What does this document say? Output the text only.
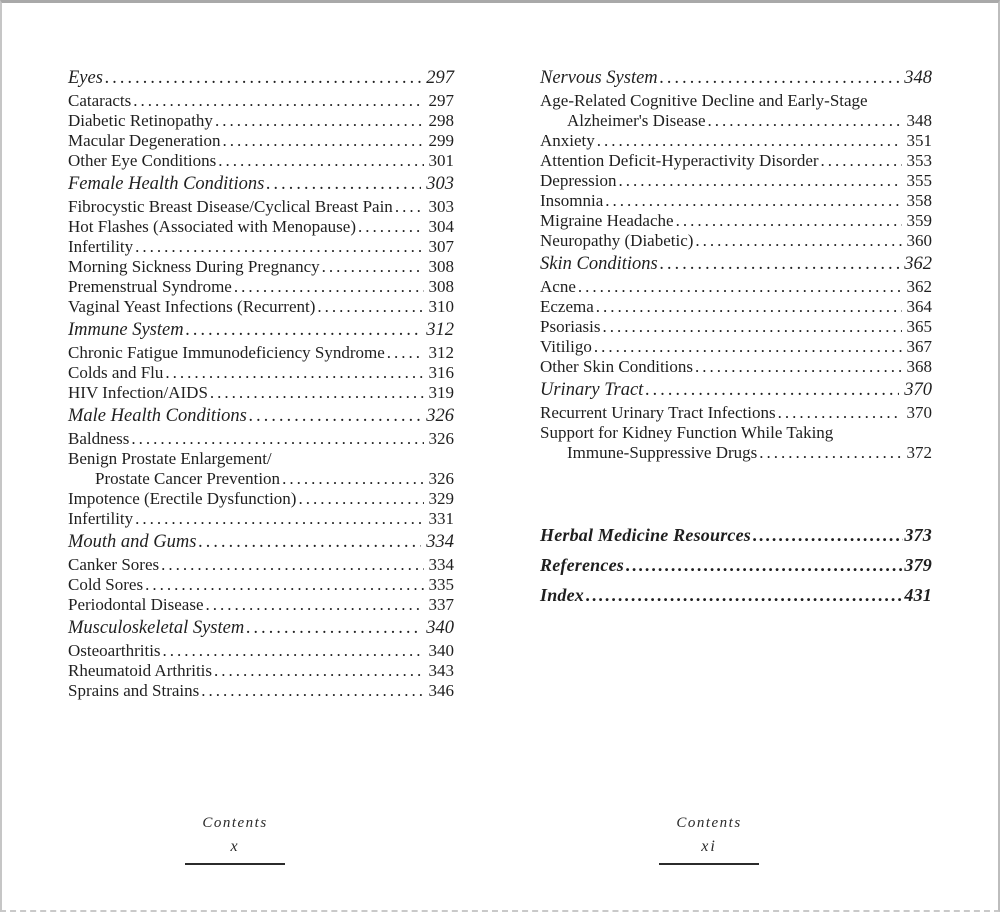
Eyes .....	297
Cataracts .....	297
Diabetic Retinopathy .....	298
Macular Degeneration .....	299
Other Eye Conditions .....	301
Female Health Conditions .....	303
Fibrocystic Breast Disease/Cyclical Breast Pain ..... 303
Hot Flashes (Associated with Menopause) .....	304
Infertility .....	307
Morning Sickness During Pregnancy .....	308
Premenstrual Syndrome .....	308
Vaginal Yeast Infections (Recurrent) .....	310
Immune System .....	312
Chronic Fatigue Immunodeficiency Syndrome .....	312
Colds and Flu .....	316
HIV Infection/AIDS .....	319
Male Health Conditions .....	326
Baldness .....	326
Benign Prostate Enlargement/
Prostate Cancer Prevention .....	326
Impotence (Erectile Dysfunction) .....	329
Infertility .....	331
Mouth and Gums .....	334
Canker Sores .....	334
Cold Sores .....	335
Periodontal Disease .....	337
Musculoskeletal System .....	340
Osteoarthritis .....	340
Rheumatoid Arthritis .....	343
Sprains and Strains .....	346
Nervous System .....	348
Age-Related Cognitive Decline and Early-Stage
Alzheimer's Disease .....	348
Anxiety .....	351
Attention Deficit-Hyperactivity Disorder .....	353
Depression .....	355
Insomnia .....	358
Migraine Headache .....	359
Neuropathy (Diabetic) .....	360
Skin Conditions .....	362
Acne .....	362
Eczema .....	364
Psoriasis .....	365
Vitiligo .....	367
Other Skin Conditions .....	368
Urinary Tract .....	370
Recurrent Urinary Tract Infections .....	370
Support for Kidney Function While Taking
Immune-Suppressive Drugs .....	372
Herbal Medicine Resources .....	373
References .....	379
Index .....	431
Contents
x
Contents
xi
